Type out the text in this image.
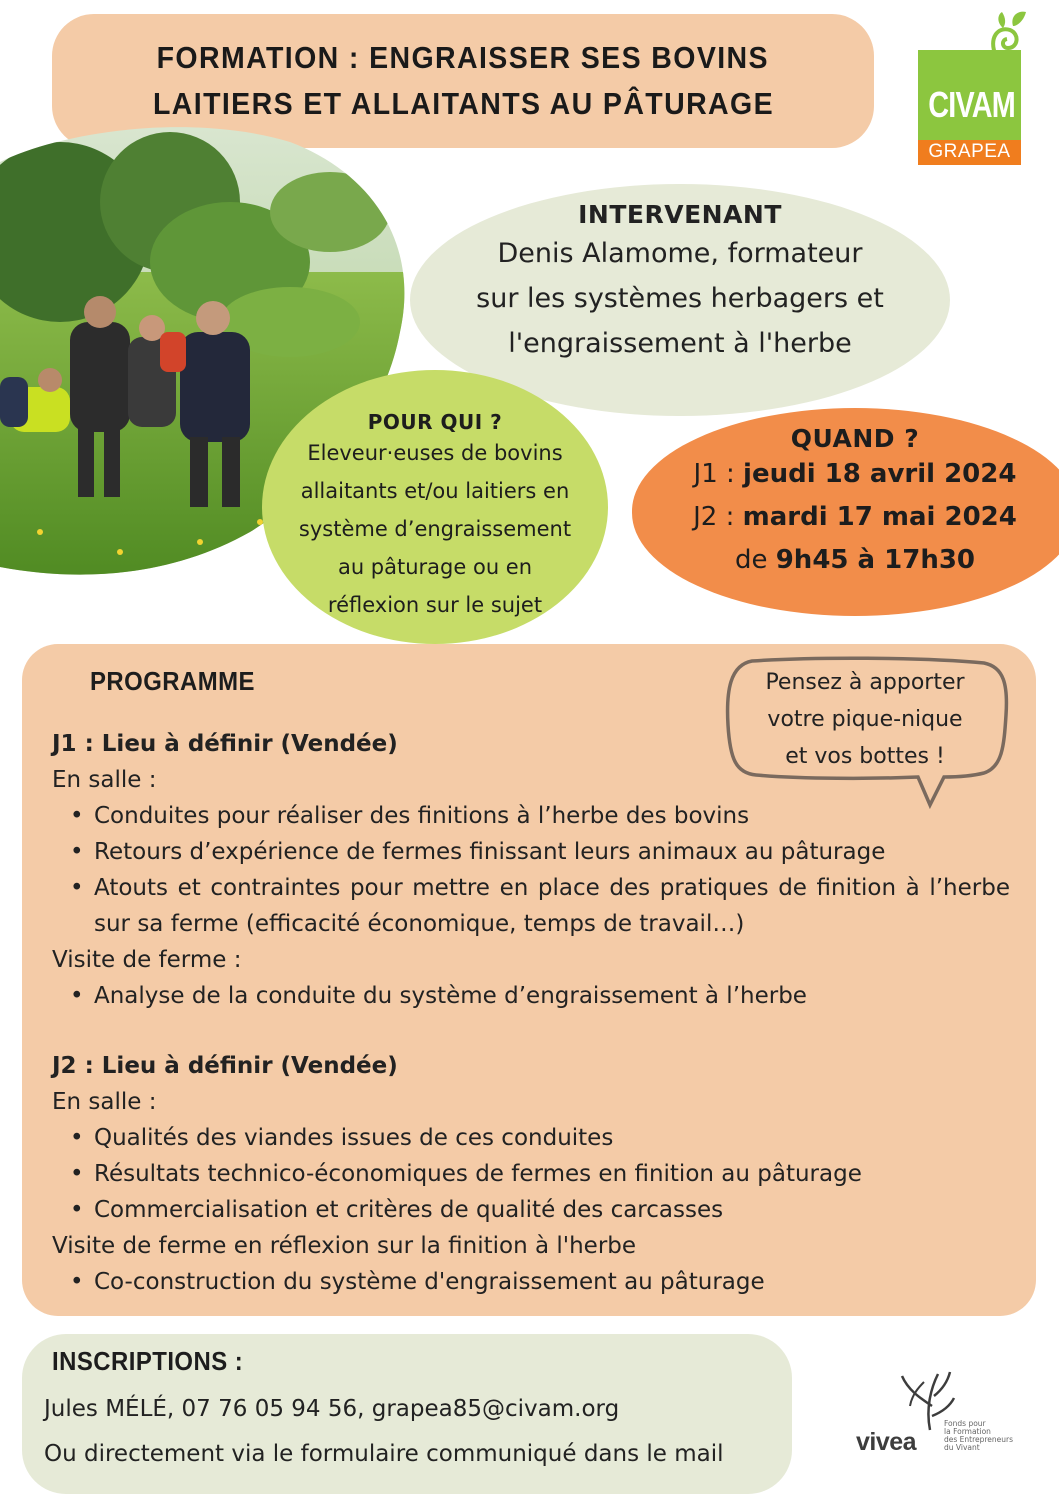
FORMATION : ENGRAISSER SES BOVINS
LAITIERS ET ALLAITANTS AU PÂTURAGE	CIVAM
GRAPEA
INTERVENANT
Denis Alamome, formateur
sur les systèmes herbagers et
l'engraissement à l'herbe
POUR QUI ?
Eleveur·euses de bovins
allaitants et/ou laitiers en
système d’engraissement
au pâturage ou en
réflexion sur le sujet
QUAND ?
J1 : jeudi 18 avril 2024
J2 : mardi 17 mai 2024
de 9h45 à 17h30
PROGRAMME	Pensez à apporter
votre pique-nique
et vos bottes !
J1 : Lieu à définir (Vendée)
En salle :
• Conduites pour réaliser des finitions à l’herbe des bovins
• Retours d’expérience de fermes finissant leurs animaux au pâturage
• Atouts et contraintes pour mettre en place des pratiques de finition à l’herbe sur sa ferme (efficacité économique, temps de travail…)
Visite de ferme :
• Analyse de la conduite du système d’engraissement à l’herbe
J2 : Lieu à définir (Vendée)
En salle :
• Qualités des viandes issues de ces conduites
• Résultats technico-économiques de fermes en finition au pâturage
• Commercialisation et critères de qualité des carcasses
Visite de ferme en réflexion sur la finition à l'herbe
• Co-construction du système d'engraissement au pâturage
INSCRIPTIONS :
Jules MÉLÉ, 07 76 05 94 56, grapea85@civam.org
Ou directement via le formulaire communiqué dans le mail	vivea
Fonds pour
la Formation
des Entrepreneurs
du Vivant
